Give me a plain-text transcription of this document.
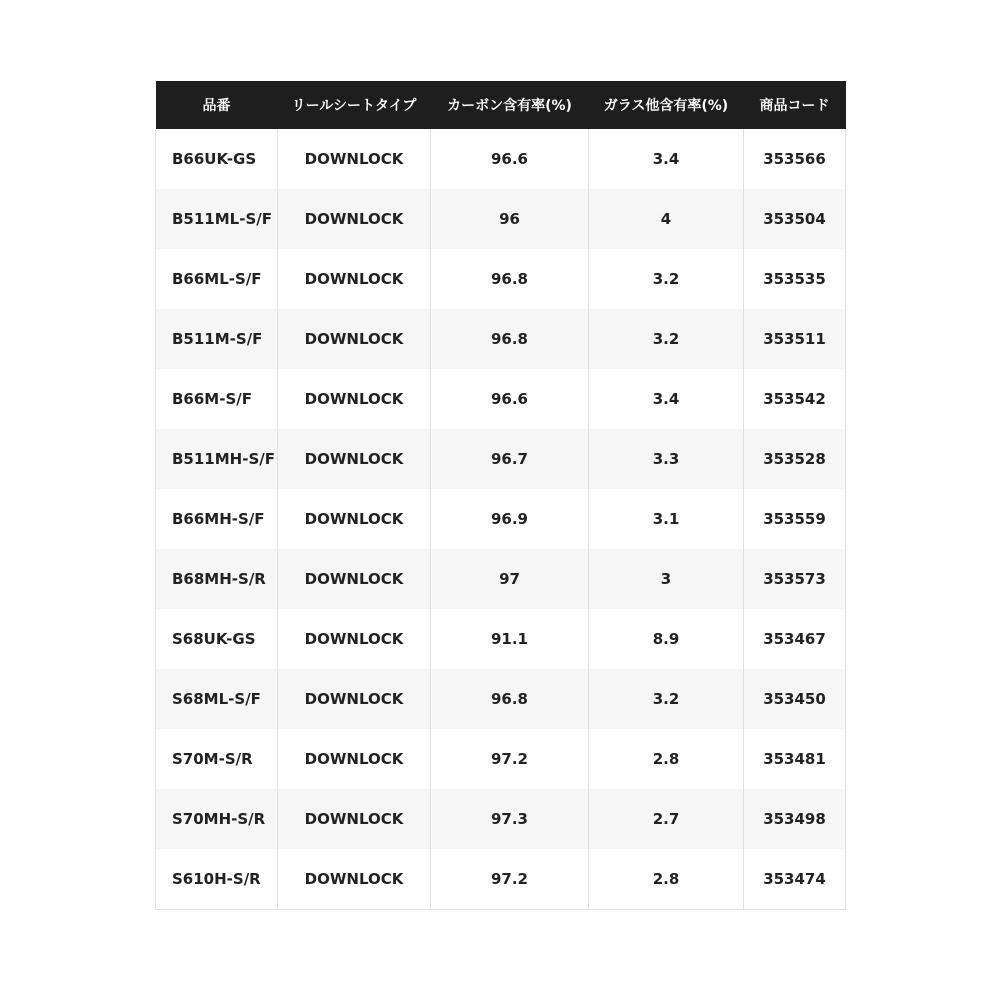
品番	リールシートタイプ	カーボン含有率(%)	ガラス他含有率(%)	商品コード
B66UK-GS	DOWNLOCK	96.6	3.4	353566
B511ML-S/F	DOWNLOCK	96	4	353504
B66ML-S/F	DOWNLOCK	96.8	3.2	353535
B511M-S/F	DOWNLOCK	96.8	3.2	353511
B66M-S/F	DOWNLOCK	96.6	3.4	353542
B511MH-S/F	DOWNLOCK	96.7	3.3	353528
B66MH-S/F	DOWNLOCK	96.9	3.1	353559
B68MH-S/R	DOWNLOCK	97	3	353573
S68UK-GS	DOWNLOCK	91.1	8.9	353467
S68ML-S/F	DOWNLOCK	96.8	3.2	353450
S70M-S/R	DOWNLOCK	97.2	2.8	353481
S70MH-S/R	DOWNLOCK	97.3	2.7	353498
S610H-S/R	DOWNLOCK	97.2	2.8	353474
